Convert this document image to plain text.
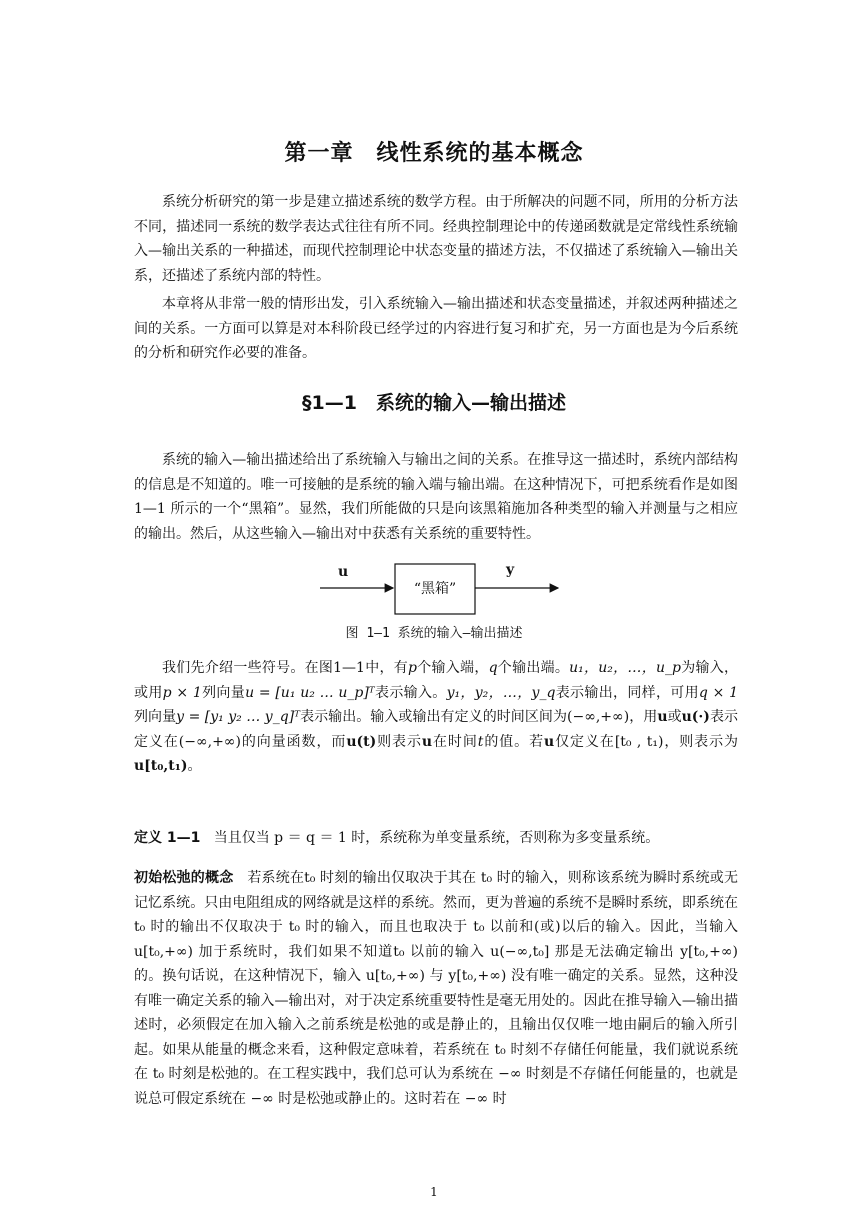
第一章　线性系统的基本概念

系统分析研究的第一步是建立描述系统的数学方程。由于所解决的问题不同，所用的分析方法不同，描述同一系统的数学表达式往往有所不同。经典控制理论中的传递函数就是定常线性系统输入—输出关系的一种描述，而现代控制理论中状态变量的描述方法，不仅描述了系统输入—输出关系，还描述了系统内部的特性。

本章将从非常一般的情形出发，引入系统输入—输出描述和状态变量描述，并叙述两种描述之间的关系。一方面可以算是对本科阶段已经学过的内容进行复习和扩充，另一方面也是为今后系统的分析和研究作必要的准备。

§1—1　系统的输入—输出描述

系统的输入—输出描述给出了系统输入与输出之间的关系。在推导这一描述时，系统内部结构的信息是不知道的。唯一可接触的是系统的输入端与输出端。在这种情况下，可把系统看作是如图 1—1 所示的一个“黑箱”。显然，我们所能做的只是向该黑箱施加各种类型的输入并测量与之相应的输出。然后，从这些输入—输出对中获悉有关系统的重要特性。

u
“黑箱”
y
图 1—1 系统的输入—输出描述

我们先介绍一些符号。在图1—1中，有p个输入端，q个输出端。u₁，u₂，…，u_p为输入，或用p × 1列向量u = [u₁ u₂ … u_p]ᵀ表示输入。y₁，y₂，…，y_q表示输出，同样，可用q × 1列向量y = [y₁ y₂ … y_q]ᵀ表示输出。输入或输出有定义的时间区间为(−∞,+∞)，用u或u(·)表示定义在(−∞,+∞)的向量函数，而u(t)则表示u在时间t的值。若u仅定义在[t₀ , t₁)，则表示为u[t₀,t₁)。

定义 1—1 当且仅当 p ＝ q ＝ 1 时，系统称为单变量系统，否则称为多变量系统。

初始松弛的概念 若系统在t₀ 时刻的输出仅取决于其在 t₀ 时的输入，则称该系统为瞬时系统或无记忆系统。只由电阻组成的网络就是这样的系统。然而，更为普遍的系统不是瞬时系统，即系统在t₀ 时的输出不仅取决于 t₀ 时的输入，而且也取决于 t₀ 以前和(或)以后的输入。因此，当输入 u[t₀,+∞) 加于系统时，我们如果不知道t₀ 以前的输入 u(−∞,t₀] 那是无法确定输出 y[t₀,+∞) 的。换句话说，在这种情况下，输入 u[t₀,+∞) 与 y[t₀,+∞) 没有唯一确定的关系。显然，这种没有唯一确定关系的输入—输出对，对于决定系统重要特性是毫无用处的。因此在推导输入—输出描述时，必须假定在加入输入之前系统是松弛的或是静止的，且输出仅仅唯一地由嗣后的输入所引起。如果从能量的概念来看，这种假定意味着，若系统在 t₀ 时刻不存储任何能量，我们就说系统在 t₀ 时刻是松弛的。在工程实践中，我们总可认为系统在 −∞ 时刻是不存储任何能量的，也就是说总可假定系统在 −∞ 时是松弛或静止的。这时若在 −∞ 时

1
